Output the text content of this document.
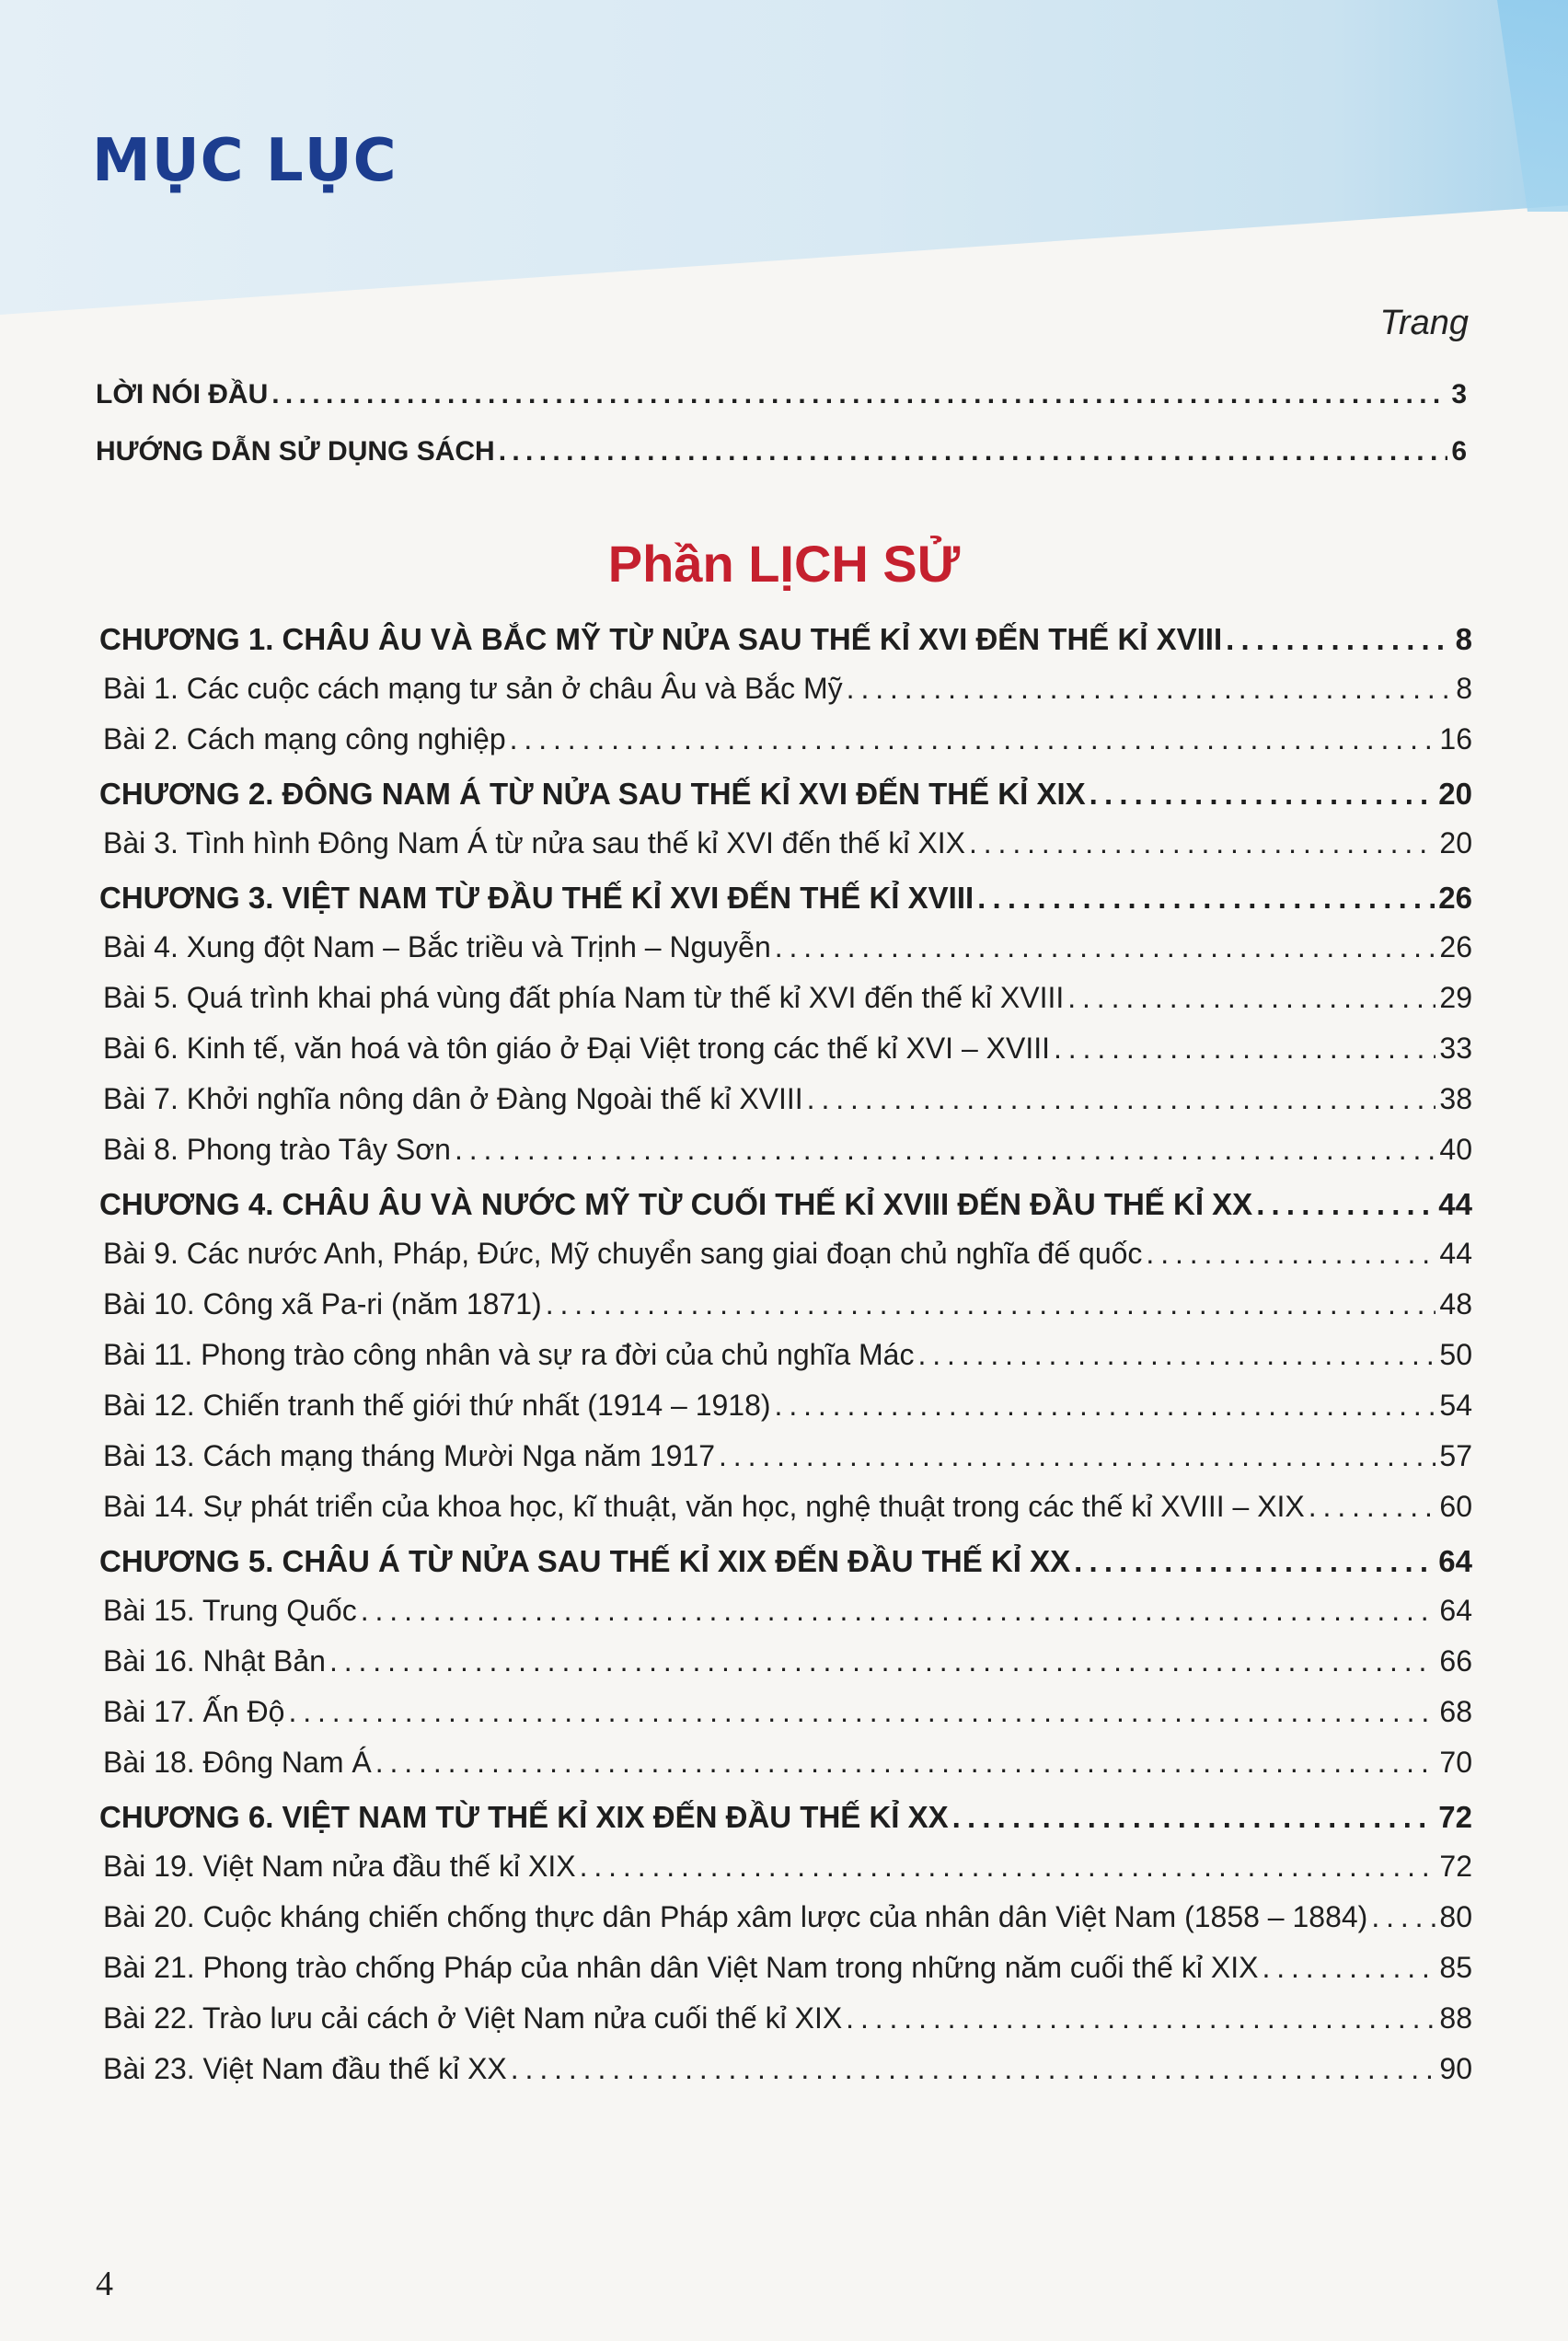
MỤC LỤC
Trang
LỜI NÓI ĐẦU . . .	3
HƯỚNG DẪN SỬ DỤNG SÁCH . . .	6
Phần LỊCH SỬ
CHƯƠNG 1. CHÂU ÂU VÀ BẮC MỸ TỪ NỬA SAU THẾ KỈ XVI ĐẾN THẾ KỈ XVIII . . .	8
Bài 1. Các cuộc cách mạng tư sản ở châu Âu và Bắc Mỹ . . .	8
Bài 2. Cách mạng công nghiệp . . .	16
CHƯƠNG 2. ĐÔNG NAM Á TỪ NỬA SAU THẾ KỈ XVI ĐẾN THẾ KỈ XIX . . .	20
Bài 3. Tình hình Đông Nam Á từ nửa sau thế kỉ XVI đến thế kỉ XIX . . .	20
CHƯƠNG 3. VIỆT NAM TỪ ĐẦU THẾ KỈ XVI ĐẾN THẾ KỈ XVIII . . .	26
Bài 4. Xung đột Nam – Bắc triều và Trịnh – Nguyễn . . .	26
Bài 5. Quá trình khai phá vùng đất phía Nam từ thế kỉ XVI đến thế kỉ XVIII . . .	29
Bài 6. Kinh tế, văn hoá và tôn giáo ở Đại Việt trong các thế kỉ XVI – XVIII . . .	33
Bài 7. Khởi nghĩa nông dân ở Đàng Ngoài thế kỉ XVIII . . .	38
Bài 8. Phong trào Tây Sơn . . .	40
CHƯƠNG 4. CHÂU ÂU VÀ NƯỚC MỸ TỪ CUỐI THẾ KỈ XVIII ĐẾN ĐẦU THẾ KỈ XX . . .	44
Bài 9. Các nước Anh, Pháp, Đức, Mỹ chuyển sang giai đoạn chủ nghĩa đế quốc . . .	44
Bài 10. Công xã Pa-ri (năm 1871) . . .	48
Bài 11. Phong trào công nhân và sự ra đời của chủ nghĩa Mác . . .	50
Bài 12. Chiến tranh thế giới thứ nhất (1914 – 1918) . . .	54
Bài 13. Cách mạng tháng Mười Nga năm 1917 . . .	57
Bài 14. Sự phát triển của khoa học, kĩ thuật, văn học, nghệ thuật trong các thế kỉ XVIII – XIX . . .	60
CHƯƠNG 5. CHÂU Á TỪ NỬA SAU THẾ KỈ XIX ĐẾN ĐẦU THẾ KỈ XX . . .	64
Bài 15. Trung Quốc . . .	64
Bài 16. Nhật Bản . . .	66
Bài 17. Ấn Độ . . .	68
Bài 18. Đông Nam Á . . .	70
CHƯƠNG 6. VIỆT NAM TỪ THẾ KỈ XIX ĐẾN ĐẦU THẾ KỈ XX . . .	72
Bài 19. Việt Nam nửa đầu thế kỉ XIX . . .	72
Bài 20. Cuộc kháng chiến chống thực dân Pháp xâm lược của nhân dân Việt Nam (1858 – 1884) . . . 80
Bài 21. Phong trào chống Pháp của nhân dân Việt Nam trong những năm cuối thế kỉ XIX . . .	85
Bài 22. Trào lưu cải cách ở Việt Nam nửa cuối thế kỉ XIX . . .	88
Bài 23. Việt Nam đầu thế kỉ XX . . .	90
4
